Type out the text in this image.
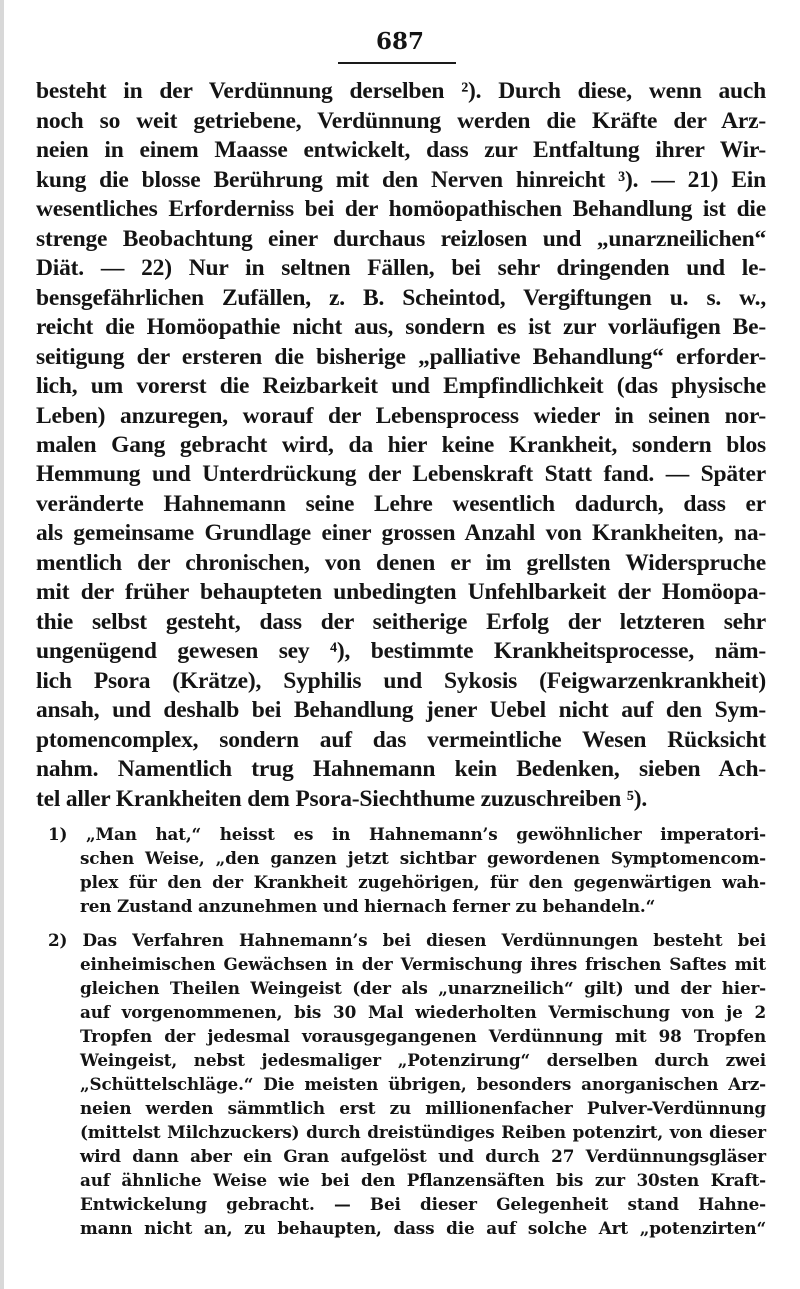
687

besteht in der Verdünnung derselben ²). Durch diese, wenn auch

noch so weit getriebene, Verdünnung werden die Kräfte der Arz-

neien in einem Maasse entwickelt, dass zur Entfaltung ihrer Wir-

kung die blosse Berührung mit den Nerven hinreicht ³). — 21) Ein

wesentliches Erforderniss bei der homöopathischen Behandlung ist die

strenge Beobachtung einer durchaus reizlosen und „unarzneilichen“

Diät. — 22) Nur in seltnen Fällen, bei sehr dringenden und le-

bensgefährlichen Zufällen, z. B. Scheintod, Vergiftungen u. s. w.,

reicht die Homöopathie nicht aus, sondern es ist zur vorläufigen Be-

seitigung der ersteren die bisherige „palliative Behandlung“ erforder-

lich, um vorerst die Reizbarkeit und Empfindlichkeit (das physische

Leben) anzuregen, worauf der Lebensprocess wieder in seinen nor-

malen Gang gebracht wird, da hier keine Krankheit, sondern blos

Hemmung und Unterdrückung der Lebenskraft Statt fand. — Später

veränderte Hahnemann seine Lehre wesentlich dadurch, dass er

als gemeinsame Grundlage einer grossen Anzahl von Krankheiten, na-

mentlich der chronischen, von denen er im grellsten Widerspruche

mit der früher behaupteten unbedingten Unfehlbarkeit der Homöopa-

thie selbst gesteht, dass der seitherige Erfolg der letzteren sehr

ungenügend gewesen sey ⁴), bestimmte Krankheitsprocesse, näm-

lich Psora (Krätze), Syphilis und Sykosis (Feigwarzenkrankheit)

ansah, und deshalb bei Behandlung jener Uebel nicht auf den Sym-

ptomencomplex, sondern auf das vermeintliche Wesen Rücksicht

nahm. Namentlich trug Hahnemann kein Bedenken, sieben Ach-

tel aller Krankheiten dem Psora-Siechthume zuzuschreiben ⁵).

1) „Man hat,“ heisst es in Hahnemann’s gewöhnlicher imperatori-

schen Weise, „den ganzen jetzt sichtbar gewordenen Symptomencom-

plex für den der Krankheit zugehörigen, für den gegenwärtigen wah-

ren Zustand anzunehmen und hiernach ferner zu behandeln.“

2) Das Verfahren Hahnemann’s bei diesen Verdünnungen besteht bei

einheimischen Gewächsen in der Vermischung ihres frischen Saftes mit

gleichen Theilen Weingeist (der als „unarzneilich“ gilt) und der hier-

auf vorgenommenen, bis 30 Mal wiederholten Vermischung von je 2

Tropfen der jedesmal vorausgegangenen Verdünnung mit 98 Tropfen

Weingeist, nebst jedesmaliger „Potenzirung“ derselben durch zwei

„Schüttelschläge.“ Die meisten übrigen, besonders anorganischen Arz-

neien werden sämmtlich erst zu millionenfacher Pulver-Verdünnung

(mittelst Milchzuckers) durch dreistündiges Reiben potenzirt, von dieser

wird dann aber ein Gran aufgelöst und durch 27 Verdünnungsgläser

auf ähnliche Weise wie bei den Pflanzensäften bis zur 30sten Kraft-

Entwickelung gebracht. — Bei dieser Gelegenheit stand Hahne-

mann nicht an, zu behaupten, dass die auf solche Art „potenzirten“
